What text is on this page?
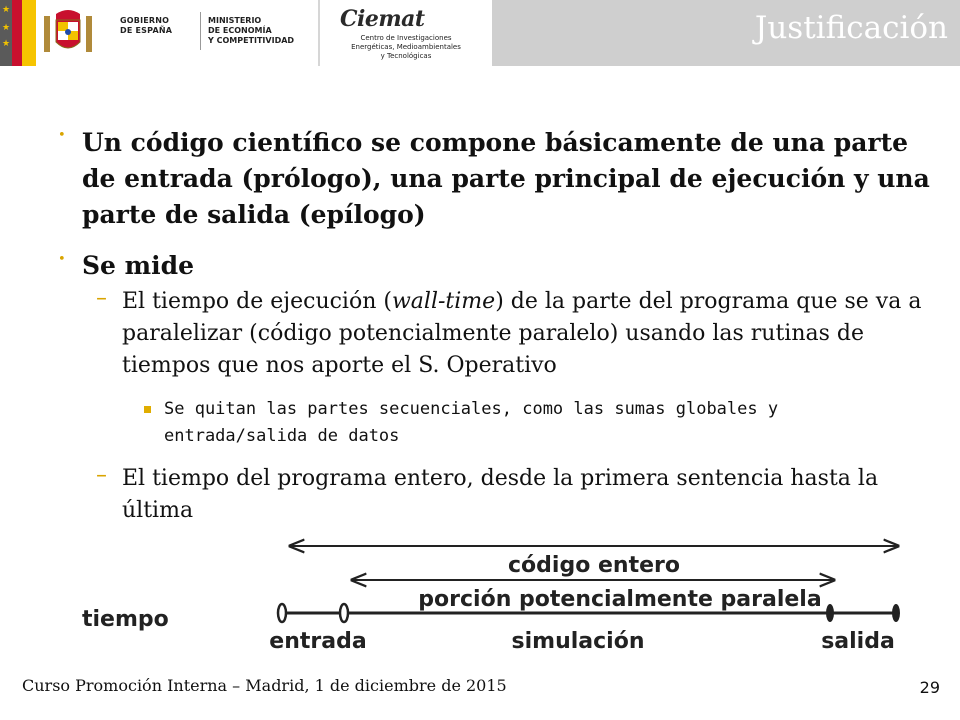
★
★
★
GOBIERNO
DE ESPAÑA
MINISTERIO
DE ECONOMÍA
Y COMPETITIVIDAD
Ciemat
Centro de Investigaciones
Energéticas, Medioambientales
y Tecnológicas
Justificación
• Un código científico se compone básicamente de una parte de entrada (prólogo), una parte principal de ejecución y una parte de salida (epílogo)
• Se mide
– El tiempo de ejecución (wall-time) de la parte del programa que se va a paralelizar (código potencialmente paralelo) usando las rutinas de tiempos que nos aporte el S. Operativo
Se quitan las partes secuenciales, como las sumas globales y entrada/salida de datos
– El tiempo del programa entero, desde la primera sentencia hasta la última
tiempo
código entero
porción potencialmente paralela
entrada	simulación	salida
Curso Promoción Interna – Madrid, 1 de diciembre de 2015	29
